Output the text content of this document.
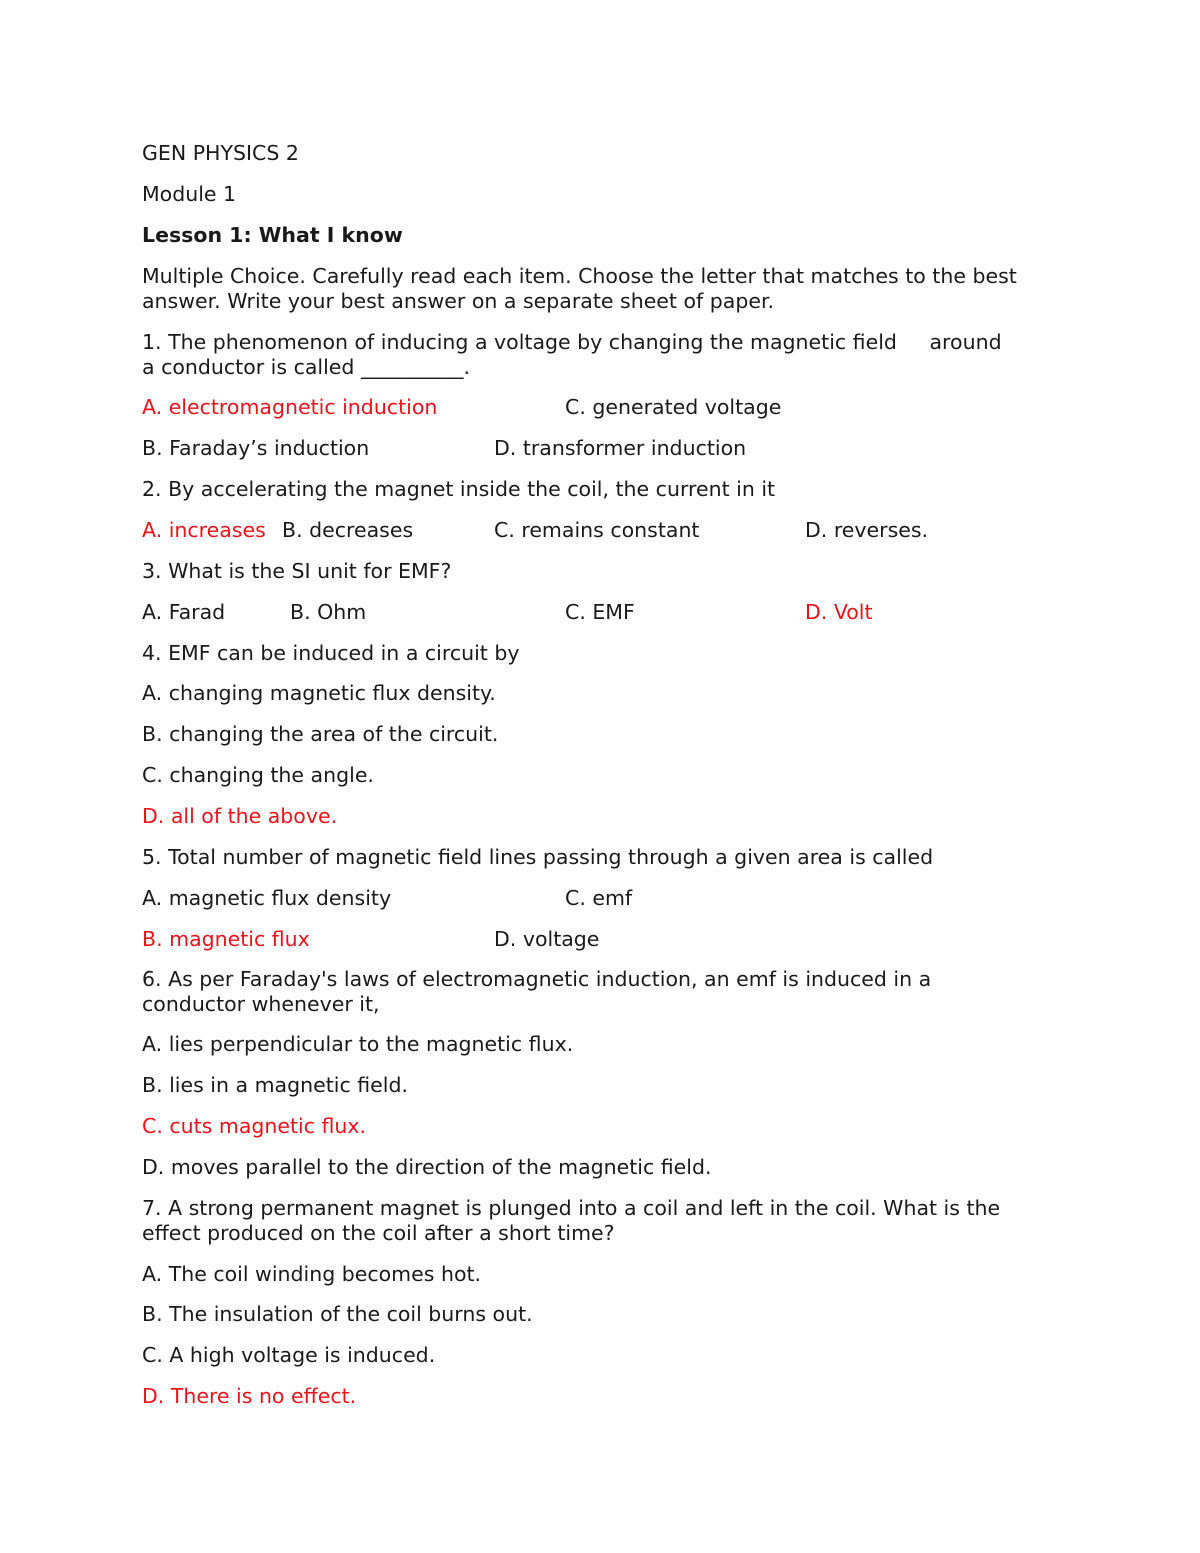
GEN PHYSICS 2

Module 1

Lesson 1: What I know

Multiple Choice. Carefully read each item. Choose the letter that matches to the best answer. Write your best answer on a separate sheet of paper.

1. The phenomenon of inducing a voltage by changing the magnetic field     around

a conductor is called __________.

A. electromagnetic induction	C. generated voltage
B. Faraday’s induction	D. transformer induction

2. By accelerating the magnet inside the coil, the current in it

A. increases B. decreases	C. remains constant	D. reverses.

3. What is the SI unit for EMF?

A. Farad	B. Ohm	C. EMF	D. Volt

4. EMF can be induced in a circuit by

A. changing magnetic flux density.

B. changing the area of the circuit.

C. changing the angle.

D. all of the above.

5. Total number of magnetic field lines passing through a given area is called

A. magnetic flux density	C. emf
B. magnetic flux	D. voltage

6. As per Faraday's laws of electromagnetic induction, an emf is induced in a

conductor whenever it,

A. lies perpendicular to the magnetic flux.

B. lies in a magnetic field.

C. cuts magnetic flux.

D. moves parallel to the direction of the magnetic field.

7. A strong permanent magnet is plunged into a coil and left in the coil. What is the

effect produced on the coil after a short time?

A. The coil winding becomes hot.

B. The insulation of the coil burns out.

C. A high voltage is induced.

D. There is no effect.
